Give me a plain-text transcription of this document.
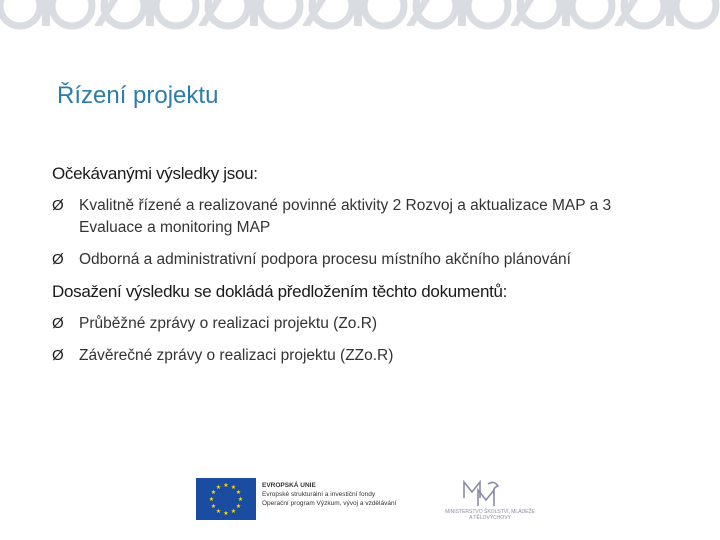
Řízení projektu
Očekávanými výsledky jsou:
Ø Kvalitně řízené a realizované povinné aktivity 2 Rozvoj a aktualizace MAP a 3 Evaluace a monitoring MAP
Ø Odborná a administrativní podpora procesu místního akčního plánování
Dosažení výsledku se dokládá předložením těchto dokumentů:
Ø Průběžné zprávy o realizaci projektu (Zo.R)
Ø Závěrečné zprávy o realizaci projektu (ZZo.R)
★ ★
★
★
★
★
★
★
★
★
★
★	EVROPSKÁ UNIE
Evropské strukturální a investiční fondy
Operační program Výzkum, vývoj a vzdělávání
MINISTERSTVO ŠKOLSTVÍ, MLÁDEŽE A TĚLOVÝCHOVY
